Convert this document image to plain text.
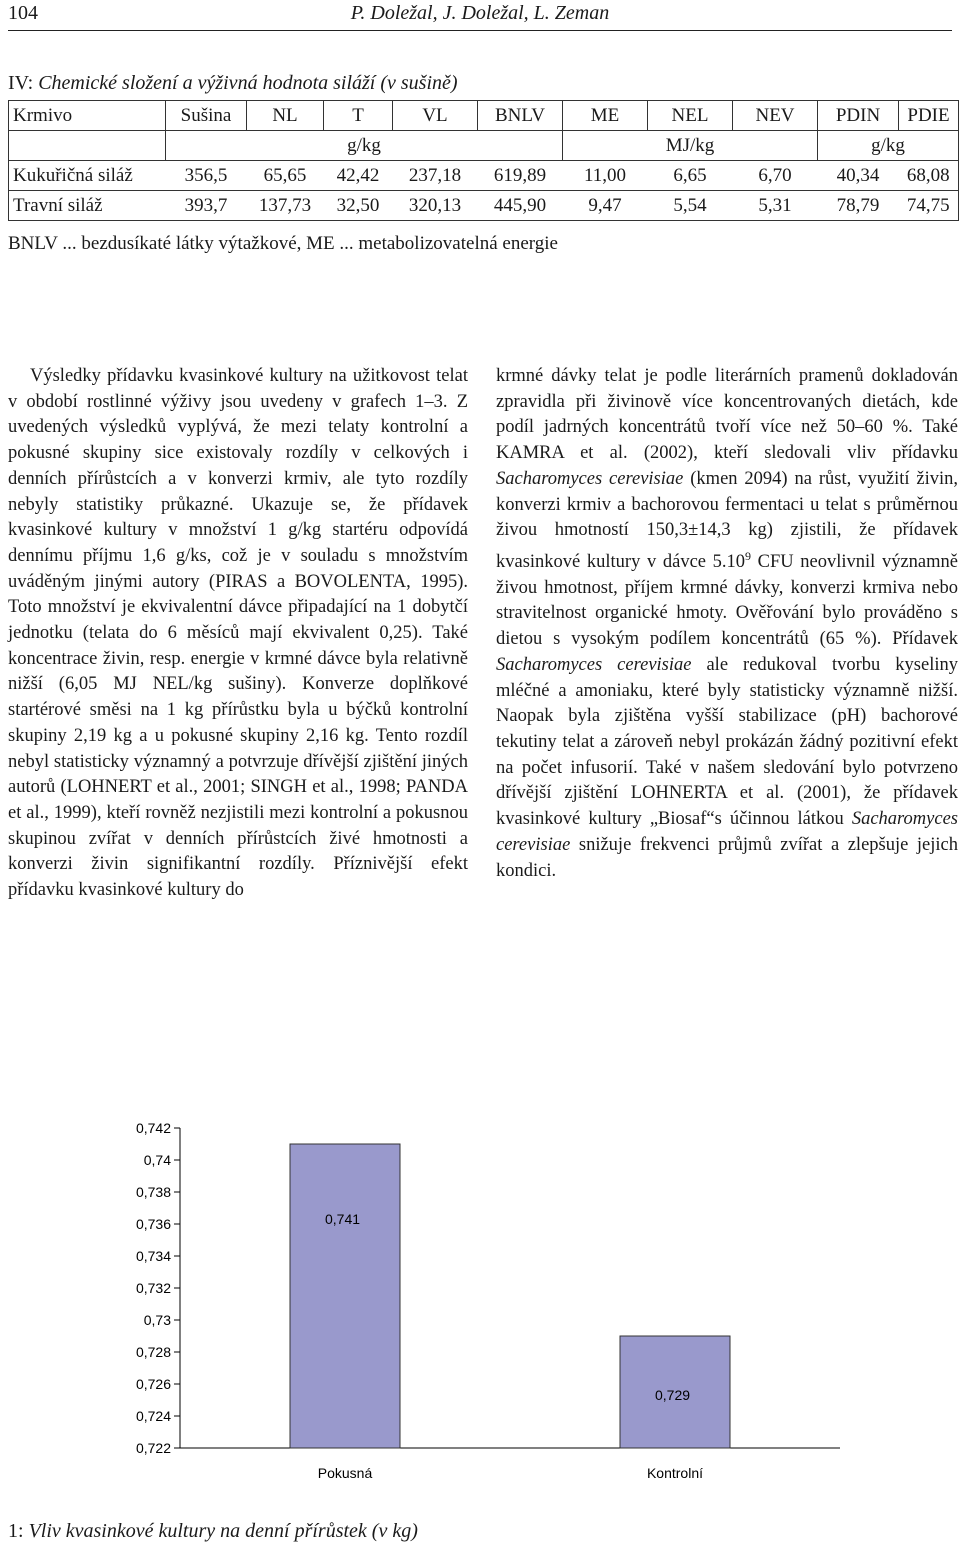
104	P. Doležal, J. Doležal, L. Zeman
IV: Chemické složení a výživná hodnota siláží (v sušině)
Krmivo	Sušina	NL	T	VL	BNLV	ME	NEL	NEV	PDIN	PDIE
	g/kg					MJ/kg			g/kg	
Kukuřičná siláž	356,5	65,65	42,42	237,18	619,89	11,00	6,65	6,70	40,34	68,08
Travní siláž	393,7	137,73	32,50	320,13	445,90	9,47	5,54	5,31	78,79	74,75
BNLV ... bezdusíkaté látky výtažkové, ME ... metabolizovatelná energie

Výsledky přídavku kvasinkové kultury na užitkovost telat v období rostlinné výživy jsou uvedeny v grafech 1–3. Z uvedených výsledků vyplývá, že mezi telaty kontrolní a pokusné skupiny sice existovaly rozdíly v celkových i denních přírůstcích a v konverzi krmiv, ale tyto rozdíly nebyly statistiky průkazné. Ukazuje se, že přídavek kvasinkové kultury v množství 1 g/kg startéru odpovídá dennímu příjmu 1,6 g/ks, což je v souladu s množstvím uváděným jinými autory (PIRAS a BOVOLENTA, 1995). Toto množství je ekvivalentní dávce připadající na 1 dobytčí jednotku (telata do 6 měsíců mají ekvivalent 0,25). Také koncentrace živin, resp. energie v krmné dávce byla relativně nižší (6,05 MJ NEL/kg sušiny). Konverze doplňkové startérové směsi na 1 kg přírůstku byla u býčků kontrolní skupiny 2,19 kg a u pokusné skupiny 2,16 kg. Tento rozdíl nebyl statisticky významný a potvrzuje dřívější zjištění jiných autorů (LOHNERT et al., 2001; SINGH et al., 1998; PANDA et al., 1999), kteří rovněž nezjistili mezi kontrolní a pokusnou skupinou zvířat v denních přírůstcích živé hmotnosti a konverzi živin signifikantní rozdíly. Příznivější efekt přídavku kvasinkové kultury do

krmné dávky telat je podle literárních pramenů dokladován zpravidla při živinově více koncentrovaných dietách, kde podíl jadrných koncentrátů tvoří více než 50–60 %. Také KAMRA et al. (2002), kteří sledovali vliv přídavku Sacharomyces cerevisiae (kmen 2094) na růst, využití živin, konverzi krmiv a bachorovou fermentaci u telat s průměrnou živou hmotností 150,3±14,3 kg) zjistili, že přídavek kvasinkové kultury v dávce 5.10$^9$ CFU neovlivnil významně živou hmotnost, příjem krmné dávky, konverzi krmiva nebo stravitelnost organické hmoty. Ověřování bylo prováděno s dietou s vysokým podílem koncentrátů (65 %). Přídavek Sacharomyces cerevisiae ale redukoval tvorbu kyseliny mléčné a amoniaku, které byly statisticky významně nižší. Naopak byla zjištěna vyšší stabilizace (pH) bachorové tekutiny telat a zároveň nebyl prokázán žádný pozitivní efekt na počet infusorií. Také v našem sledování bylo potvrzeno dřívější zjištění LOHNERTA et al. (2001), že přídavek kvasinkové kultury „Biosaf“s účinnou látkou Sacharomyces cerevisiae snižuje frekvenci průjmů zvířat a zlepšuje jejich kondici.

0,722
0,724
0,726
0,728
0,73
0,732
0,734
0,736
0,738
0,74
0,742
0,741
Pokusná
0,729
Kontrolní
1: Vliv kvasinkové kultury na denní přírůstek (v kg)
